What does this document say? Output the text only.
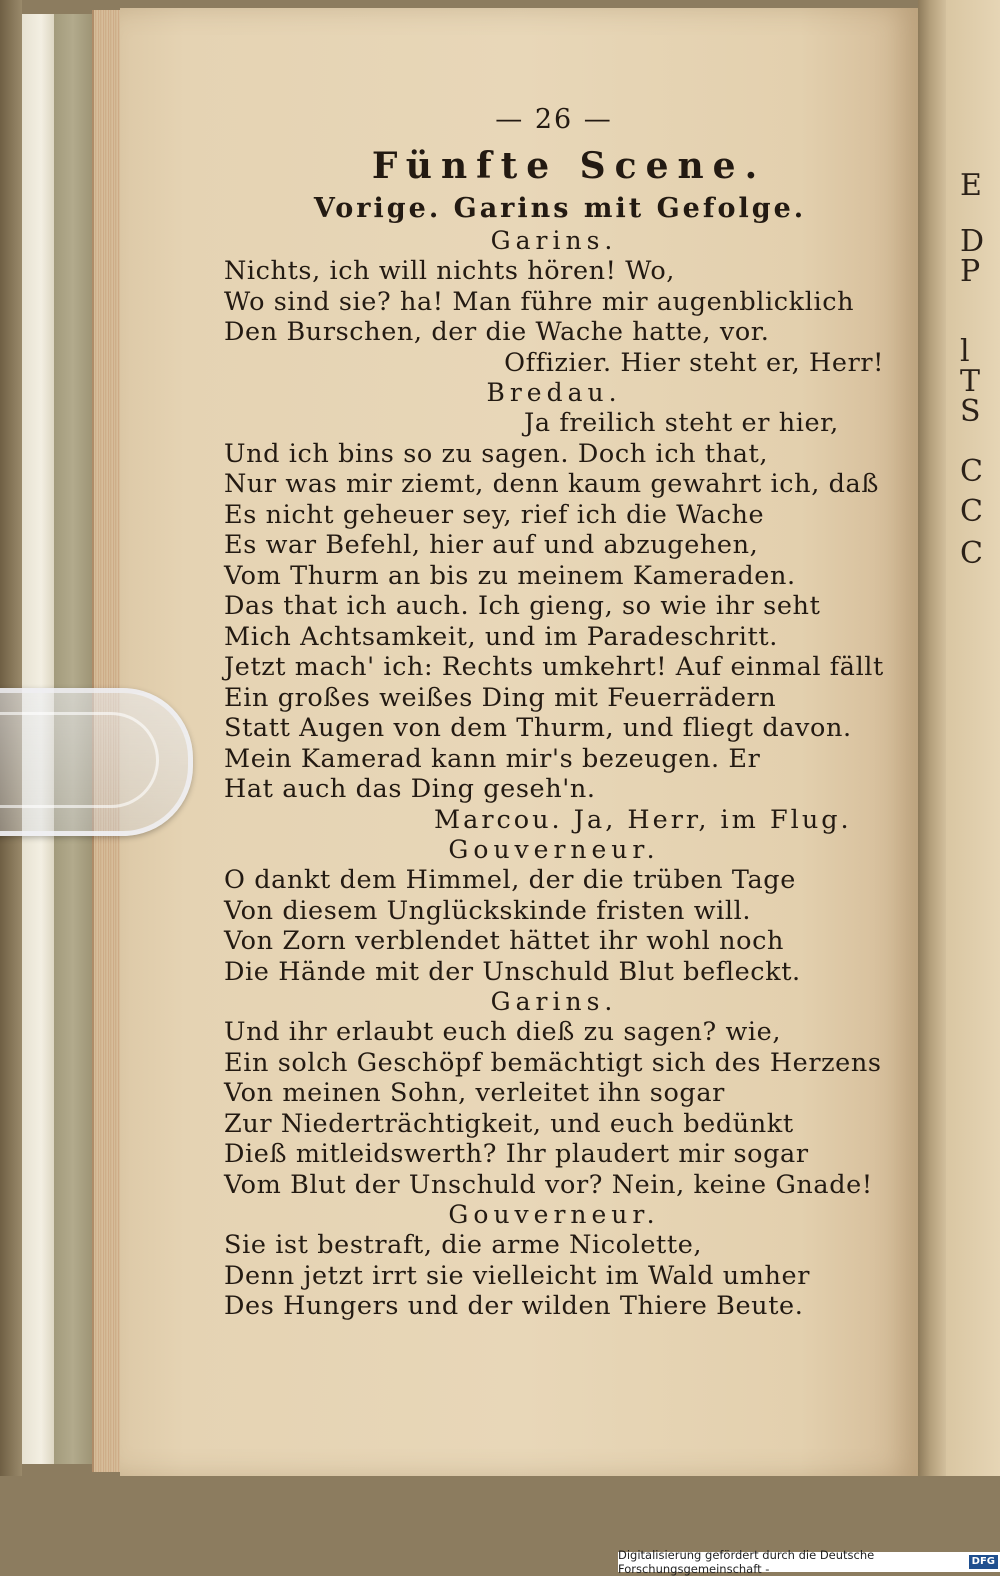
E
D
P
l
T
S
C
C
C
— 26 —
Fünfte Scene.
Vorige. Garins mit Gefolge.
Garins.
Nichts, ich will nichts hören! Wo,
Wo sind sie? ha! Man führe mir augenblicklich
Den Burschen, der die Wache hatte, vor.
Offizier. Hier steht er, Herr!
Bredau.
Ja freilich steht er hier,
Und ich bins so zu sagen. Doch ich that,
Nur was mir ziemt, denn kaum gewahrt ich, daß
Es nicht geheuer sey, rief ich die Wache
Es war Befehl, hier auf und abzugehen,
Vom Thurm an bis zu meinem Kameraden.
Das that ich auch. Ich gieng, so wie ihr seht
Mich Achtsamkeit, und im Paradeschritt.
Jetzt mach' ich: Rechts umkehrt! Auf einmal fällt
Ein großes weißes Ding mit Feuerrädern
Statt Augen von dem Thurm, und fliegt davon.
Mein Kamerad kann mir's bezeugen. Er
Hat auch das Ding geseh'n.
Marcou. Ja, Herr, im Flug.
Gouverneur.
O dankt dem Himmel, der die trüben Tage
Von diesem Unglückskinde fristen will.
Von Zorn verblendet hättet ihr wohl noch
Die Hände mit der Unschuld Blut befleckt.
Garins.
Und ihr erlaubt euch dieß zu sagen? wie,
Ein solch Geschöpf bemächtigt sich des Herzens
Von meinen Sohn, verleitet ihn sogar
Zur Niederträchtigkeit, und euch bedünkt
Dieß mitleidswerth? Ihr plaudert mir sogar
Vom Blut der Unschuld vor? Nein, keine Gnade!
Gouverneur.
Sie ist bestraft, die arme Nicolette,
Denn jetzt irrt sie vielleicht im Wald umher
Des Hungers und der wilden Thiere Beute.
Digitalisierung gefördert durch die Deutsche Forschungsgemeinschaft -
DFG
